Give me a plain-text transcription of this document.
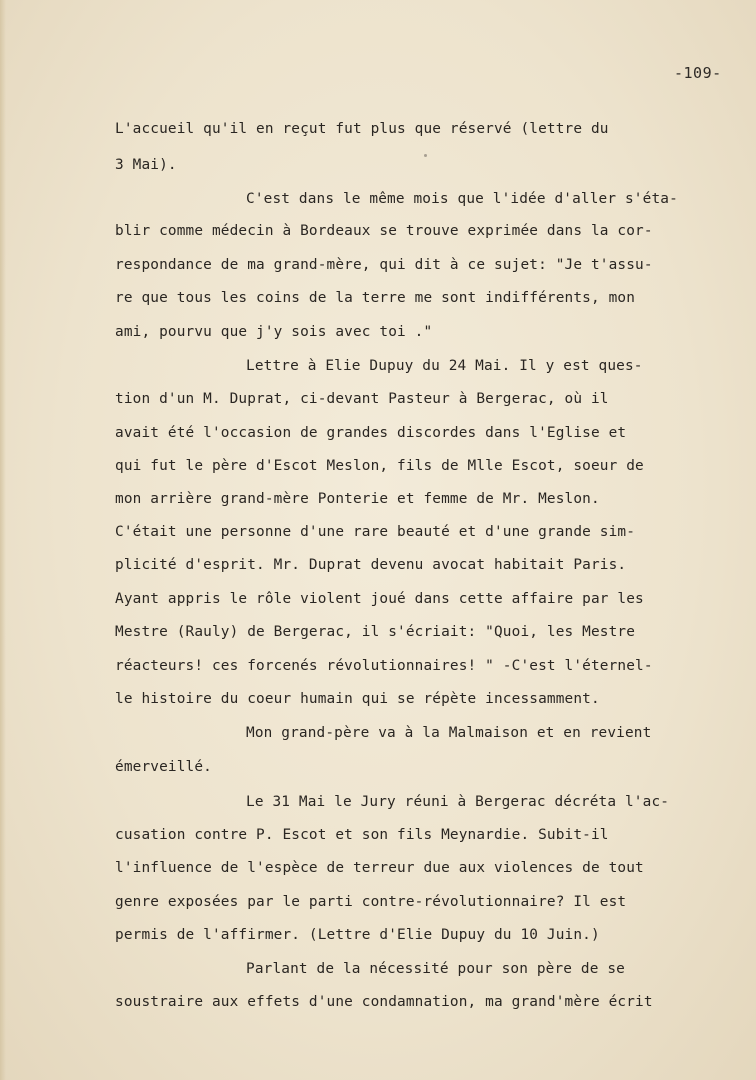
-109-
L'accueil qu'il en reçut fut plus que réservé (lettre du
3 Mai).
C'est dans le même mois que l'idée d'aller s'éta-
blir comme médecin à Bordeaux se trouve exprimée dans la cor-
respondance de ma grand-mère, qui dit à ce sujet: "Je t'assu-
re que tous les coins de la terre me sont indifférents, mon
ami, pourvu que j'y sois avec toi ."
Lettre à Elie Dupuy du 24 Mai. Il y est ques-
tion d'un M. Duprat, ci-devant Pasteur à Bergerac, où il
avait été l'occasion de grandes discordes dans l'Eglise et
qui fut le père d'Escot Meslon, fils de Mlle Escot, soeur de
mon arrière grand-mère Ponterie et femme de Mr. Meslon.
C'était une personne d'une rare beauté et d'une grande sim-
plicité d'esprit. Mr. Duprat devenu avocat habitait Paris.
Ayant appris le rôle violent joué dans cette affaire par les
Mestre (Rauly) de Bergerac, il s'écriait: "Quoi, les Mestre
réacteurs! ces forcenés révolutionnaires! " -C'est l'éternel-
le histoire du coeur humain qui se répète incessamment.
Mon grand-père va à la Malmaison et en revient
émerveillé.
Le 31 Mai le Jury réuni à Bergerac décréta l'ac-
cusation contre P. Escot et son fils Meynardie. Subit-il
l'influence de l'espèce de terreur due aux violences de tout
genre exposées par le parti contre-révolutionnaire? Il est
permis de l'affirmer. (Lettre d'Elie Dupuy du 10 Juin.)
Parlant de la nécessité pour son père de se
soustraire aux effets d'une condamnation, ma grand'mère écrit
